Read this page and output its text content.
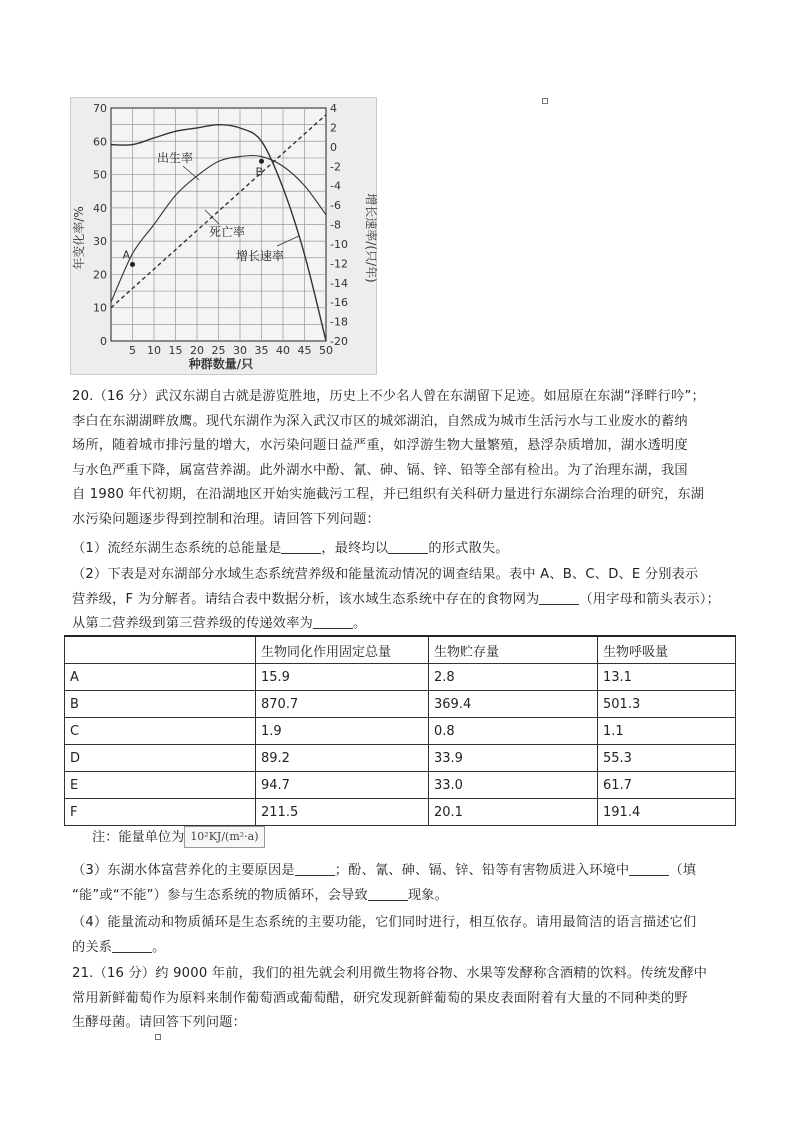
70
60
50
40
30
20
10
0
4
2
0
-2
-4
-6
-8
-10
-12
-14
-16
-18
-20
5 10 15 20 25 30 35 40 45 50
A
B
年变化率/%	增长速率/(只/年)
种群数量/只
出生率
死亡率
增长速率
20.（16 分）武汉东湖自古就是游览胜地，历史上不少名人曾在东湖留下足迹。如屈原在东湖“泽畔行吟”；
李白在东湖湖畔放鹰。现代东湖作为深入武汉市区的城郊湖泊，自然成为城市生活污水与工业废水的蓄纳
场所，随着城市排污量的增大，水污染问题日益严重，如浮游生物大量繁殖，悬浮杂质增加，湖水透明度
与水色严重下降，属富营养湖。此外湖水中酚、氰、砷、镉、锌、铅等全部有检出。为了治理东湖，我国
自 1980 年代初期，在沿湖地区开始实施截污工程，并已组织有关科研力量进行东湖综合治理的研究，东湖
水污染问题逐步得到控制和治理。请回答下列问题：
（1）流经东湖生态系统的总能量是	，最终均以	的形式散失。
（2）下表是对东湖部分水域生态系统营养级和能量流动情况的调查结果。表中 A、B、C、D、E 分别表示
营养级，F 为分解者。请结合表中数据分析，该水域生态系统中存在的食物网为	（用字母和箭头表示）；
从第二营养级到第三营养级的传递效率为	。
	生物同化作用固定总量	生物贮存量	生物呼吸量
A	15.9	2.8	13.1
B	870.7	369.4	501.3
C	1.9	0.8	1.1
D	89.2	33.9	55.3
E	94.7	33.0	61.7
F	211.5	20.1	191.4
注：能量单位为 10²KJ/(m²·a)
（3）东湖水体富营养化的主要原因是	；酚、氰、砷、镉、锌、铅等有害物质进入环境中	（填
“能”或“不能”）参与生态系统的物质循环，会导致	现象。
（4）能量流动和物质循环是生态系统的主要功能，它们同时进行，相互依存。请用最简洁的语言描述它们
的关系	。
21.（16 分）约 9000 年前，我们的祖先就会利用微生物将谷物、水果等发酵称含酒精的饮料。传统发酵中
常用新鲜葡萄作为原料来制作葡萄酒或葡萄醋，研究发现新鲜葡萄的果皮表面附着有大量的不同种类的野
生酵母菌。请回答下列问题：
